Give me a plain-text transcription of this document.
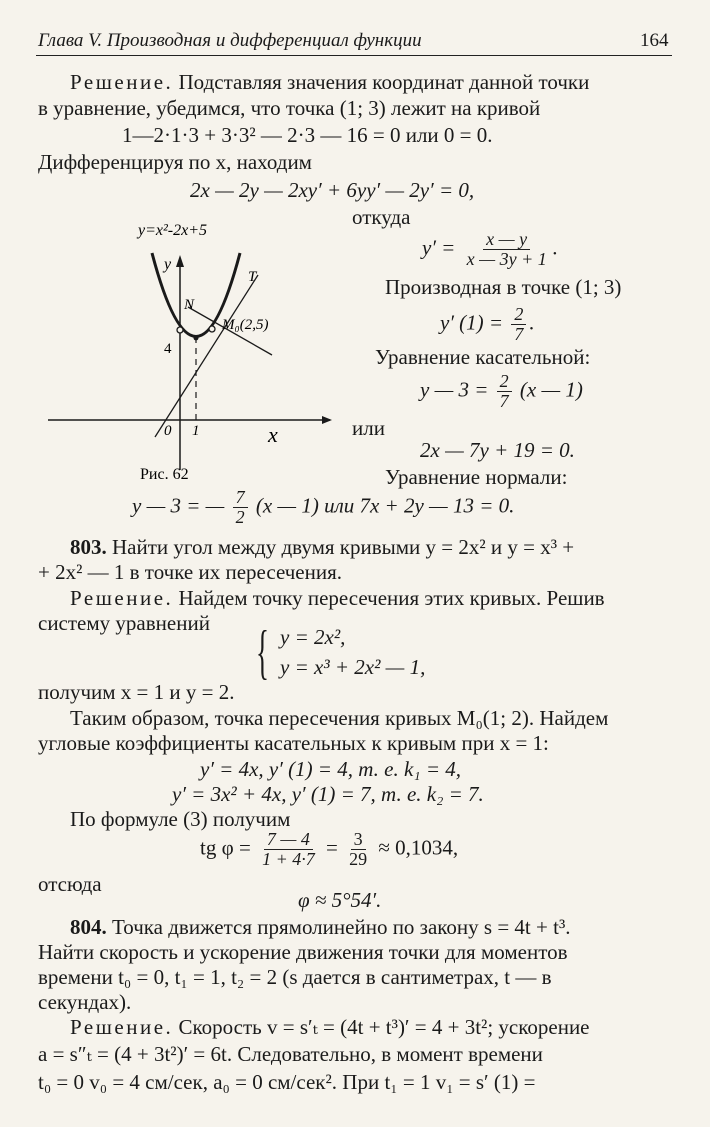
Глава V. Производная и дифференциал функции	164
Решение. Подставляя значения координат данной точки
в уравнение, убедимся, что точка (1; 3) лежит на кривой
1—2·1·3 + 3·3² — 2·3 — 16 = 0 или 0 = 0.
Дифференцируя по x, находим
2x — 2y — 2xy′ + 6yy′ — 2y′ = 0,
откуда
$y' = \frac{x — y}{x — 3y + 1}$ .
Производная в точке (1; 3)
y′ $(1) = \frac{2}{7}$ .
Уравнение касательной:
y — $3 = \frac{2}{7} (x$ — 1)
или
2x — 7y + 19 = 0.
Уравнение нормали:
y — 3 = — $\frac{7}{2} (x$ — 1) или 7x + 2y — 13 = 0.
y=x²-2x+5
y
x
0 1
4
N
T
M₀(2,5)
Рис. 62
803. Найти угол между двумя кривыми y = 2x² и y = x³ +
+ 2x² — 1 в точке их пересечения.
Решение. Найдем точку пересечения этих кривых. Решив
систему уравнений { y = 2x²,
y = x³ + 2x² — 1,
получим x = 1 и y = 2.
Таким образом, точка пересечения кривых M₀(1; 2). Найдем
угловые коэффициенты касательных к кривым при x = 1:
y′ = 4x, y′ (1) = 4, т. е. k₁ = 4,
y′ = 3x² + 4x, y′ (1) = 7, т. е. k₂ = 7.
По формуле (3) получим
tg $\varphi = \frac{7 — 4}{1 + 4\cdot 7} = \frac{3}{29} \approx 0,1034$,
отсюда
φ ≈ 5°54′.
804. Точка движется прямолинейно по закону s = 4t + t³.
Найти скорость и ускорение движения точки для моментов
времени t₀ = 0, t₁ = 1, t₂ = 2 (s дается в сантиметрах, t — в
секундах).
Решение. Скорость v = s′ₜ = (4t + t³)′ = 4 + 3t²; ускорение
a = s″ₜ = (4 + 3t²)′ = 6t. Следовательно, в момент времени
t₀ = 0 v₀ = 4 см/сек, a₀ = 0 см/сек². При t₁ = 1 v₁ = s′ (1) =
